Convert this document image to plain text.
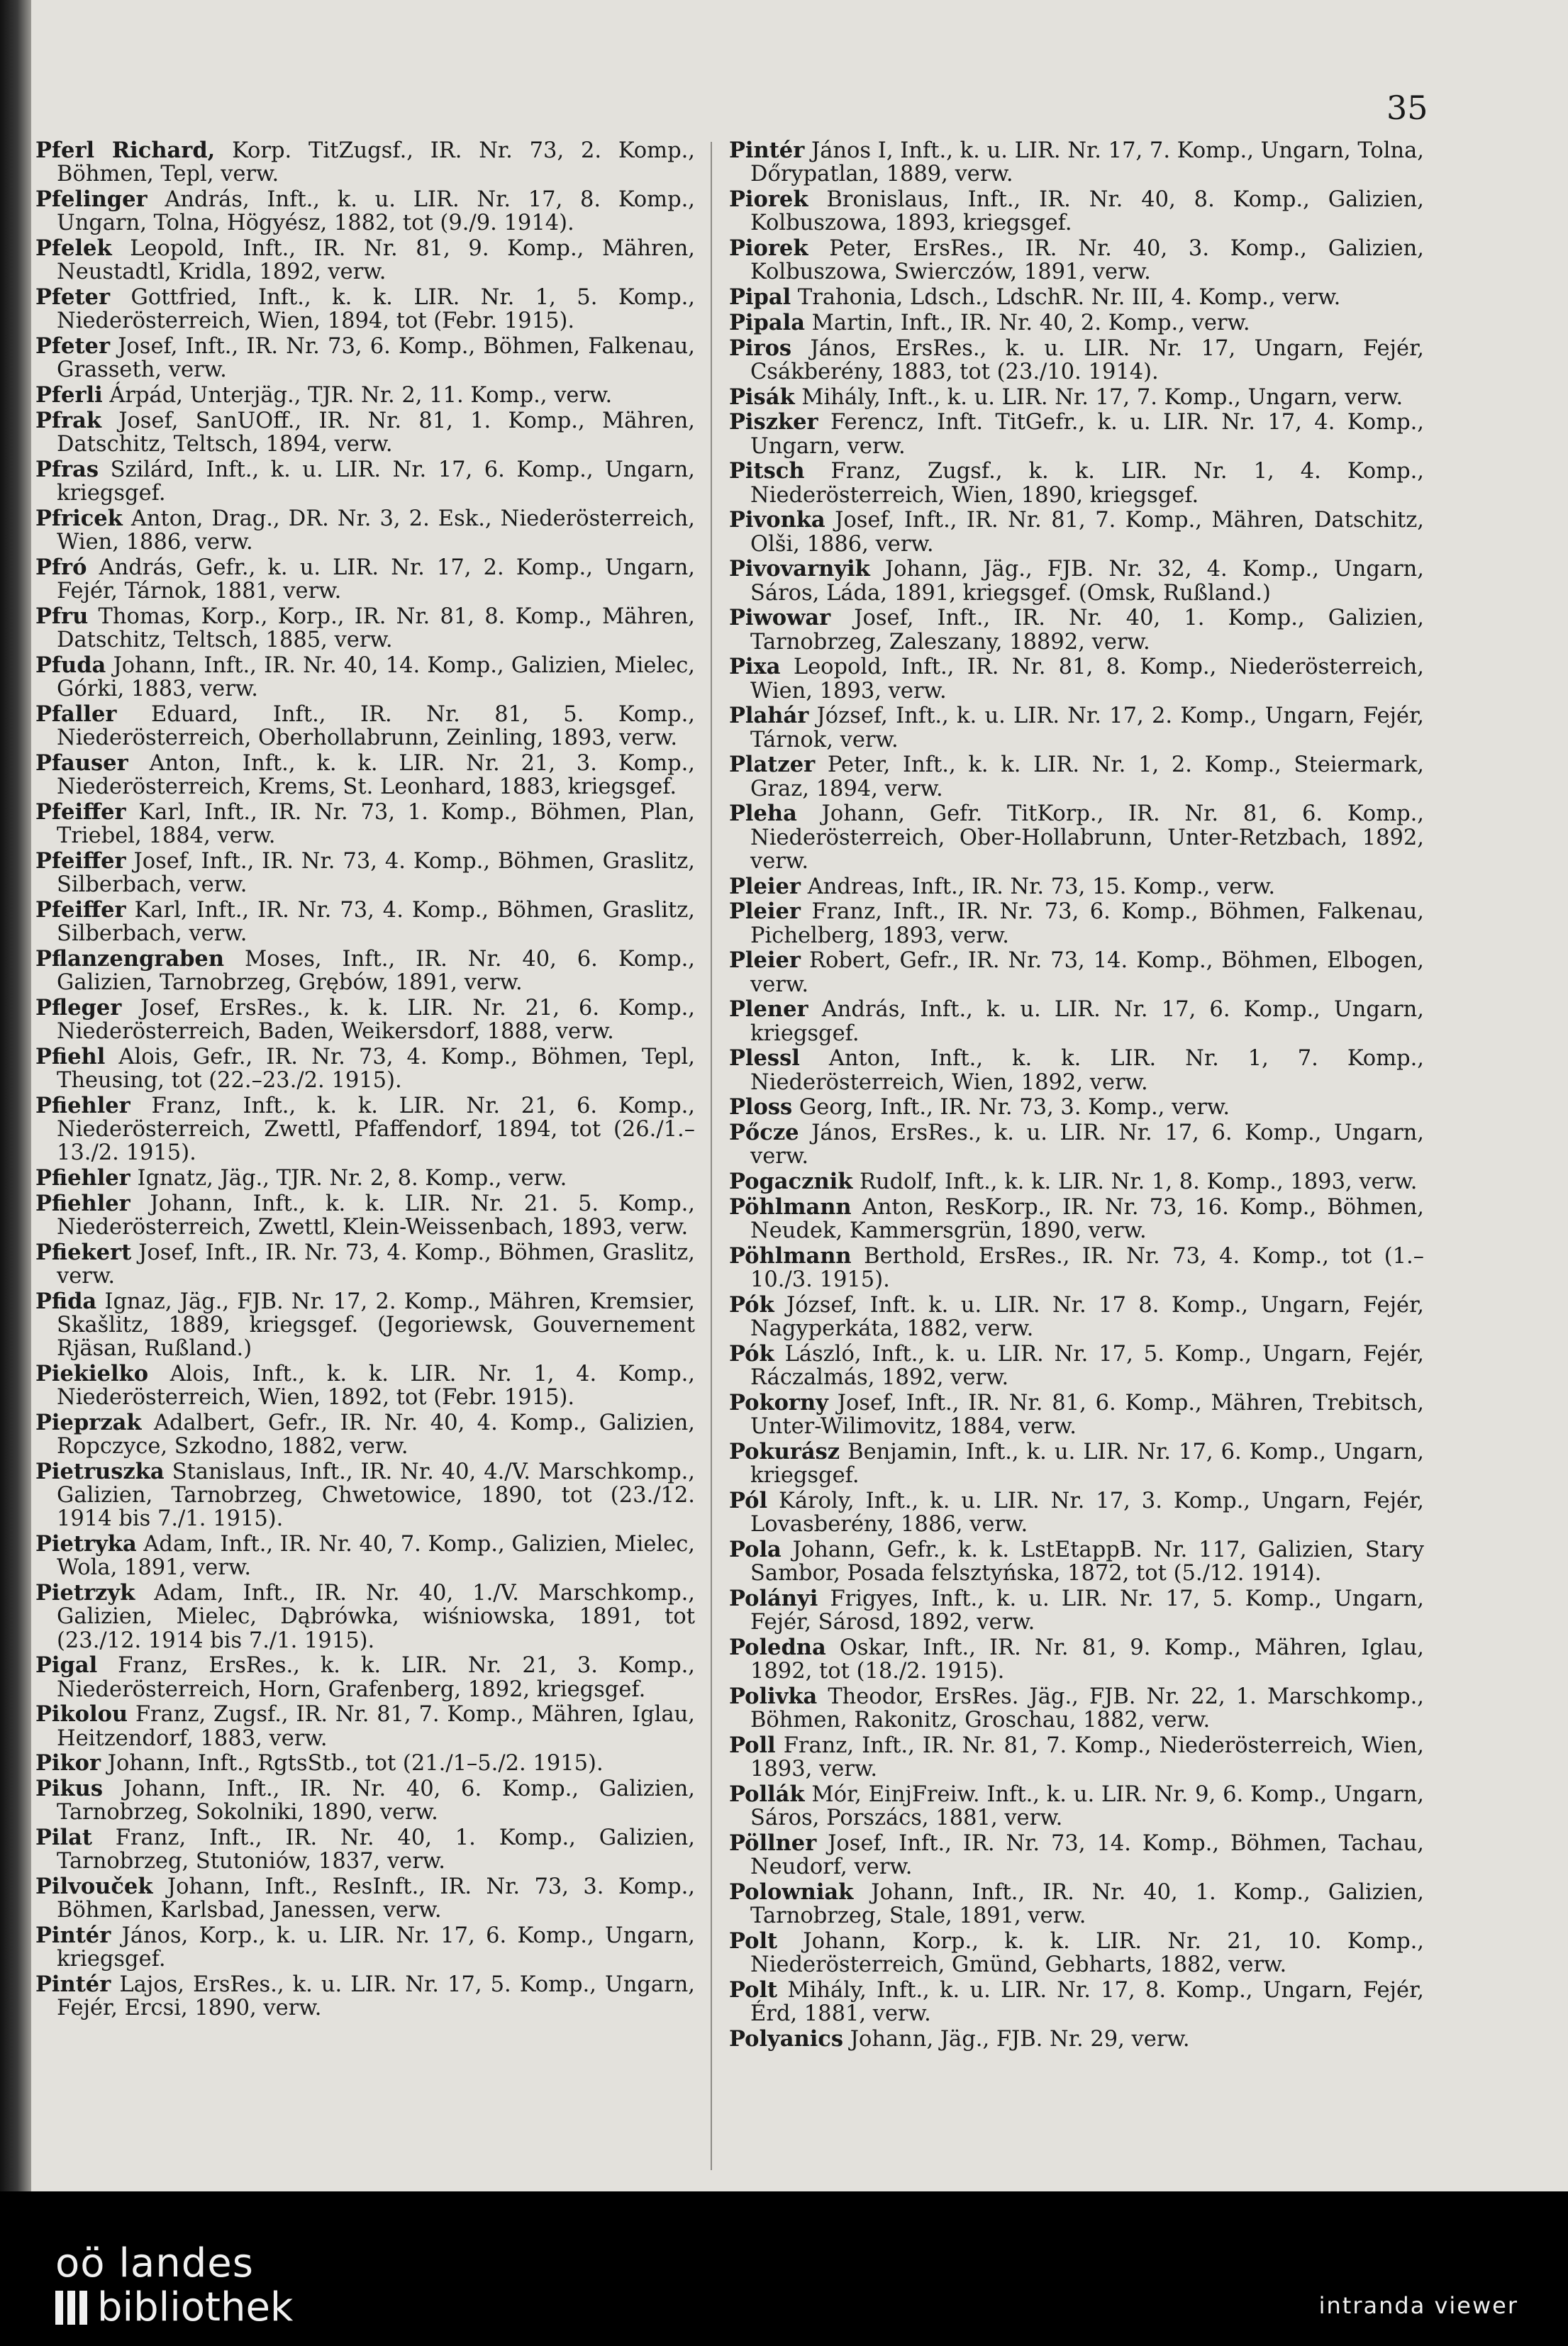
35

Pferl Richard, Korp. TitZugsf., IR. Nr. 73, 2. Komp., Böhmen, Tepl, verw.

Pfelinger András, Inft., k. u. LIR. Nr. 17, 8. Komp., Ungarn, Tolna, Högyész, 1882, tot (9./9. 1914).

Pfelek Leopold, Inft., IR. Nr. 81, 9. Komp., Mähren, Neustadtl, Kridla, 1892, verw.

Pfeter Gottfried, Inft., k. k. LIR. Nr. 1, 5. Komp., Niederösterreich, Wien, 1894, tot (Febr. 1915).

Pfeter Josef, Inft., IR. Nr. 73, 6. Komp., Böhmen, Falkenau, Grasseth, verw.

Pferli Árpád, Unterjäg., TJR. Nr. 2, 11. Komp., verw.

Pfrak Josef, SanUOff., IR. Nr. 81, 1. Komp., Mähren, Datschitz, Teltsch, 1894, verw.

Pfras Szilárd, Inft., k. u. LIR. Nr. 17, 6. Komp., Ungarn, kriegsgef.

Pfricek Anton, Drag., DR. Nr. 3, 2. Esk., Niederösterreich, Wien, 1886, verw.

Pfró András, Gefr., k. u. LIR. Nr. 17, 2. Komp., Ungarn, Fejér, Tárnok, 1881, verw.

Pfru Thomas, Korp., Korp., IR. Nr. 81, 8. Komp., Mähren, Datschitz, Teltsch, 1885, verw.

Pfuda Johann, Inft., IR. Nr. 40, 14. Komp., Galizien, Mielec, Górki, 1883, verw.

Pfaller Eduard, Inft., IR. Nr. 81, 5. Komp., Niederösterreich, Oberhollabrunn, Zeinling, 1893, verw.

Pfauser Anton, Inft., k. k. LIR. Nr. 21, 3. Komp., Niederösterreich, Krems, St. Leonhard, 1883, kriegsgef.

Pfeiffer Karl, Inft., IR. Nr. 73, 1. Komp., Böhmen, Plan, Triebel, 1884, verw.

Pfeiffer Josef, Inft., IR. Nr. 73, 4. Komp., Böhmen, Graslitz, Silberbach, verw.

Pfeiffer Karl, Inft., IR. Nr. 73, 4. Komp., Böhmen, Graslitz, Silberbach, verw.

Pflanzengraben Moses, Inft., IR. Nr. 40, 6. Komp., Galizien, Tarnobrzeg, Grębów, 1891, verw.

Pfleger Josef, ErsRes., k. k. LIR. Nr. 21, 6. Komp., Niederösterreich, Baden, Weikersdorf, 1888, verw.

Pfiehl Alois, Gefr., IR. Nr. 73, 4. Komp., Böhmen, Tepl, Theusing, tot (22.–23./2. 1915).

Pfiehler Franz, Inft., k. k. LIR. Nr. 21, 6. Komp., Niederösterreich, Zwettl, Pfaffendorf, 1894, tot (26./1.–13./2. 1915).

Pfiehler Ignatz, Jäg., TJR. Nr. 2, 8. Komp., verw.

Pfiehler Johann, Inft., k. k. LIR. Nr. 21. 5. Komp., Niederösterreich, Zwettl, Klein-Weissenbach, 1893, verw.

Pfiekert Josef, Inft., IR. Nr. 73, 4. Komp., Böhmen, Graslitz, verw.

Pfida Ignaz, Jäg., FJB. Nr. 17, 2. Komp., Mähren, Kremsier, Skašlitz, 1889, kriegsgef. (Jegoriewsk, Gouvernement Rjäsan, Rußland.)

Piekielko Alois, Inft., k. k. LIR. Nr. 1, 4. Komp., Niederösterreich, Wien, 1892, tot (Febr. 1915).

Pieprzak Adalbert, Gefr., IR. Nr. 40, 4. Komp., Galizien, Ropczyce, Szkodno, 1882, verw.

Pietruszka Stanislaus, Inft., IR. Nr. 40, 4./V. Marschkomp., Galizien, Tarnobrzeg, Chwetowice, 1890, tot (23./12. 1914 bis 7./1. 1915).

Pietryka Adam, Inft., IR. Nr. 40, 7. Komp., Galizien, Mielec, Wola, 1891, verw.

Pietrzyk Adam, Inft., IR. Nr. 40, 1./V. Marschkomp., Galizien, Mielec, Dąbrówka, wiśniowska, 1891, tot (23./12. 1914 bis 7./1. 1915).

Pigal Franz, ErsRes., k. k. LIR. Nr. 21, 3. Komp., Niederösterreich, Horn, Grafenberg, 1892, kriegsgef.

Pikolou Franz, Zugsf., IR. Nr. 81, 7. Komp., Mähren, Iglau, Heitzendorf, 1883, verw.

Pikor Johann, Inft., RgtsStb., tot (21./1–5./2. 1915).

Pikus Johann, Inft., IR. Nr. 40, 6. Komp., Galizien, Tarnobrzeg, Sokolniki, 1890, verw.

Pilat Franz, Inft., IR. Nr. 40, 1. Komp., Galizien, Tarnobrzeg, Stutoniów, 1837, verw.

Pilvouček Johann, Inft., ResInft., IR. Nr. 73, 3. Komp., Böhmen, Karlsbad, Janessen, verw.

Pintér János, Korp., k. u. LIR. Nr. 17, 6. Komp., Ungarn, kriegsgef.

Pintér Lajos, ErsRes., k. u. LIR. Nr. 17, 5. Komp., Ungarn, Fejér, Ercsi, 1890, verw.

Pintér János I, Inft., k. u. LIR. Nr. 17, 7. Komp., Ungarn, Tolna, Dőrypatlan, 1889, verw.

Piorek Bronislaus, Inft., IR. Nr. 40, 8. Komp., Galizien, Kolbuszowa, 1893, kriegsgef.

Piorek Peter, ErsRes., IR. Nr. 40, 3. Komp., Galizien, Kolbuszowa, Swierczów, 1891, verw.

Pipal Trahonia, Ldsch., LdschR. Nr. III, 4. Komp., verw.

Pipala Martin, Inft., IR. Nr. 40, 2. Komp., verw.

Piros János, ErsRes., k. u. LIR. Nr. 17, Ungarn, Fejér, Csákberény, 1883, tot (23./10. 1914).

Pisák Mihály, Inft., k. u. LIR. Nr. 17, 7. Komp., Ungarn, verw.

Piszker Ferencz, Inft. TitGefr., k. u. LIR. Nr. 17, 4. Komp., Ungarn, verw.

Pitsch Franz, Zugsf., k. k. LIR. Nr. 1, 4. Komp., Niederösterreich, Wien, 1890, kriegsgef.

Pivonka Josef, Inft., IR. Nr. 81, 7. Komp., Mähren, Datschitz, Olši, 1886, verw.

Pivovarnyik Johann, Jäg., FJB. Nr. 32, 4. Komp., Ungarn, Sáros, Láda, 1891, kriegsgef. (Omsk, Rußland.)

Piwowar Josef, Inft., IR. Nr. 40, 1. Komp., Galizien, Tarnobrzeg, Zaleszany, 18892, verw.

Pixa Leopold, Inft., IR. Nr. 81, 8. Komp., Niederösterreich, Wien, 1893, verw.

Plahár József, Inft., k. u. LIR. Nr. 17, 2. Komp., Ungarn, Fejér, Tárnok, verw.

Platzer Peter, Inft., k. k. LIR. Nr. 1, 2. Komp., Steiermark, Graz, 1894, verw.

Pleha Johann, Gefr. TitKorp., IR. Nr. 81, 6. Komp., Niederösterreich, Ober-Hollabrunn, Unter-Retzbach, 1892, verw.

Pleier Andreas, Inft., IR. Nr. 73, 15. Komp., verw.

Pleier Franz, Inft., IR. Nr. 73, 6. Komp., Böhmen, Falkenau, Pichelberg, 1893, verw.

Pleier Robert, Gefr., IR. Nr. 73, 14. Komp., Böhmen, Elbogen, verw.

Plener András, Inft., k. u. LIR. Nr. 17, 6. Komp., Ungarn, kriegsgef.

Plessl Anton, Inft., k. k. LIR. Nr. 1, 7. Komp., Niederösterreich, Wien, 1892, verw.

Ploss Georg, Inft., IR. Nr. 73, 3. Komp., verw.

Pőcze János, ErsRes., k. u. LIR. Nr. 17, 6. Komp., Ungarn, verw.

Pogacznik Rudolf, Inft., k. k. LIR. Nr. 1, 8. Komp., 1893, verw.

Pöhlmann Anton, ResKorp., IR. Nr. 73, 16. Komp., Böhmen, Neudek, Kammersgrün, 1890, verw.

Pöhlmann Berthold, ErsRes., IR. Nr. 73, 4. Komp., tot (1.–10./3. 1915).

Pók József, Inft. k. u. LIR. Nr. 17 8. Komp., Ungarn, Fejér, Nagyperkáta, 1882, verw.

Pók László, Inft., k. u. LIR. Nr. 17, 5. Komp., Ungarn, Fejér, Ráczalmás, 1892, verw.

Pokorny Josef, Inft., IR. Nr. 81, 6. Komp., Mähren, Trebitsch, Unter-Wilimovitz, 1884, verw.

Pokurász Benjamin, Inft., k. u. LIR. Nr. 17, 6. Komp., Ungarn, kriegsgef.

Pól Károly, Inft., k. u. LIR. Nr. 17, 3. Komp., Ungarn, Fejér, Lovasberény, 1886, verw.

Pola Johann, Gefr., k. k. LstEtappB. Nr. 117, Galizien, Stary Sambor, Posada felsztyńska, 1872, tot (5./12. 1914).

Polányi Frigyes, Inft., k. u. LIR. Nr. 17, 5. Komp., Ungarn, Fejér, Sárosd, 1892, verw.

Poledna Oskar, Inft., IR. Nr. 81, 9. Komp., Mähren, Iglau, 1892, tot (18./2. 1915).

Polivka Theodor, ErsRes. Jäg., FJB. Nr. 22, 1. Marschkomp., Böhmen, Rakonitz, Groschau, 1882, verw.

Poll Franz, Inft., IR. Nr. 81, 7. Komp., Niederösterreich, Wien, 1893, verw.

Pollák Mór, EinjFreiw. Inft., k. u. LIR. Nr. 9, 6. Komp., Ungarn, Sáros, Porszács, 1881, verw.

Pöllner Josef, Inft., IR. Nr. 73, 14. Komp., Böhmen, Tachau, Neudorf, verw.

Polowniak Johann, Inft., IR. Nr. 40, 1. Komp., Galizien, Tarnobrzeg, Stale, 1891, verw.

Polt Johann, Korp., k. k. LIR. Nr. 21, 10. Komp., Niederösterreich, Gmünd, Gebharts, 1882, verw.

Polt Mihály, Inft., k. u. LIR. Nr. 17, 8. Komp., Ungarn, Fejér, Érd, 1881, verw.

Polyanics Johann, Jäg., FJB. Nr. 29, verw.

oö landes
bibliothek	intranda viewer
